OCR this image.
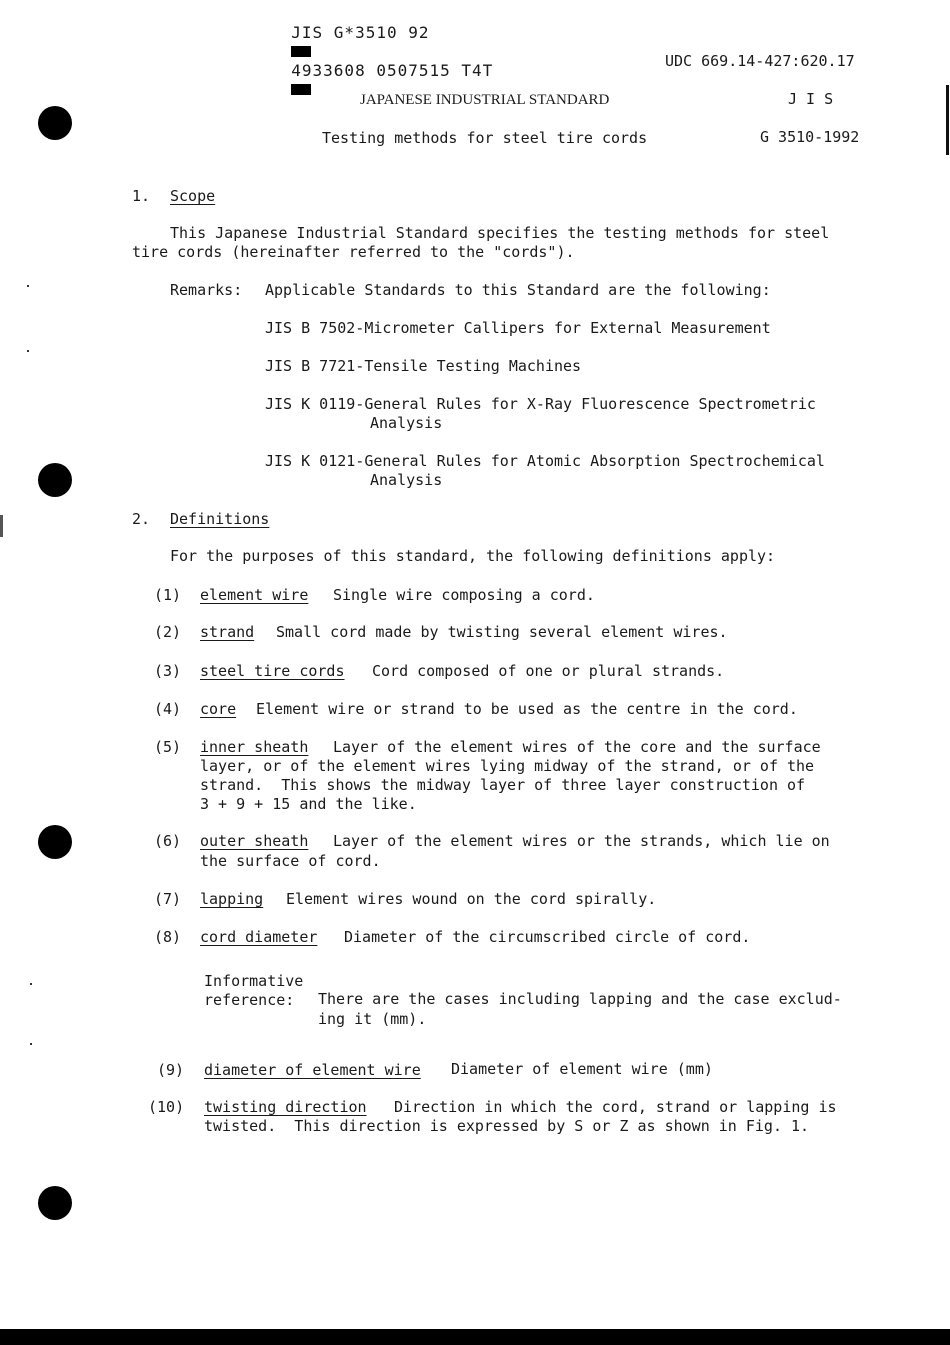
JIS G*3510 92

4933608 0507515 T4T
	UDC 669.14-427:620.17
JAPANESE INDUSTRIAL STANDARD	J I S
Testing methods for steel tire cords	G 3510-1992
1. Scope
This Japanese Industrial Standard specifies the testing methods for steel
tire cords (hereinafter referred to the "cords").
Remarks: Applicable Standards to this Standard are the following:
JIS B 7502-Micrometer Callipers for External Measurement
JIS B 7721-Tensile Testing Machines
JIS K 0119-General Rules for X-Ray Fluorescence Spectrometric
Analysis
JIS K 0121-General Rules for Atomic Absorption Spectrochemical
Analysis
2. Definitions
For the purposes of this standard, the following definitions apply:
(1) element wire Single wire composing a cord.
(2) strand Small cord made by twisting several element wires.
(3) steel tire cords Cord composed of one or plural strands.
(4) core Element wire or strand to be used as the centre in the cord.
(5) inner sheath Layer of the element wires of the core and the surface
layer, or of the element wires lying midway of the strand, or of the
strand.  This shows the midway layer of three layer construction of
3 + 9 + 15 and the like.
(6) outer sheath Layer of the element wires or the strands, which lie on
the surface of cord.
(7) lapping Element wires wound on the cord spirally.
(8) cord diameter Diameter of the circumscribed circle of cord.
Informative
reference: There are the cases including lapping and the case exclud-
ing it (mm).
(9) diameter of element wire Diameter of element wire (mm)
(10) twisting direction Direction in which the cord, strand or lapping is
twisted.  This direction is expressed by S or Z as shown in Fig. 1.
